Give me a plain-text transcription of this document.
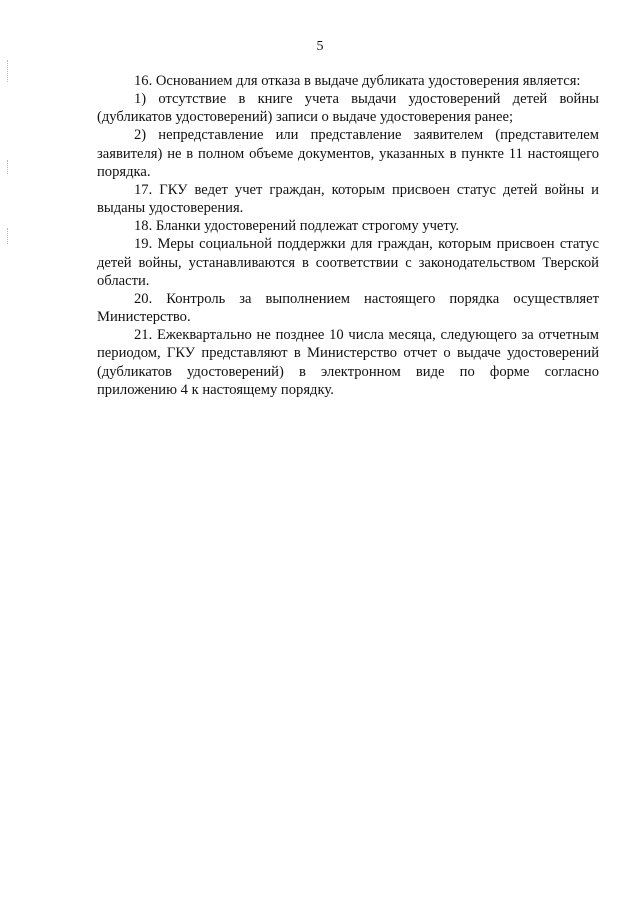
5

16. Основанием для отказа в выдаче дубликата удостоверения является:

1) отсутствие в книге учета выдачи удостоверений детей войны (дубликатов удостоверений) записи о выдаче удостоверения ранее;

2) непредставление или представление заявителем (представителем заявителя) не в полном объеме документов, указанных в пункте 11 настоящего порядка.

17. ГКУ ведет учет граждан, которым присвоен статус детей войны и выданы удостоверения.

18. Бланки удостоверений подлежат строгому учету.

19. Меры социальной поддержки для граждан, которым присвоен статус детей войны, устанавливаются в соответствии с законодательством Тверской области.

20. Контроль за выполнением настоящего порядка осуществляет Министерство.

21. Ежеквартально не позднее 10 числа месяца, следующего за отчетным периодом, ГКУ представляют в Министерство отчет о выдаче удостоверений (дубликатов удостоверений) в электронном виде по форме согласно приложению 4 к настоящему порядку.
